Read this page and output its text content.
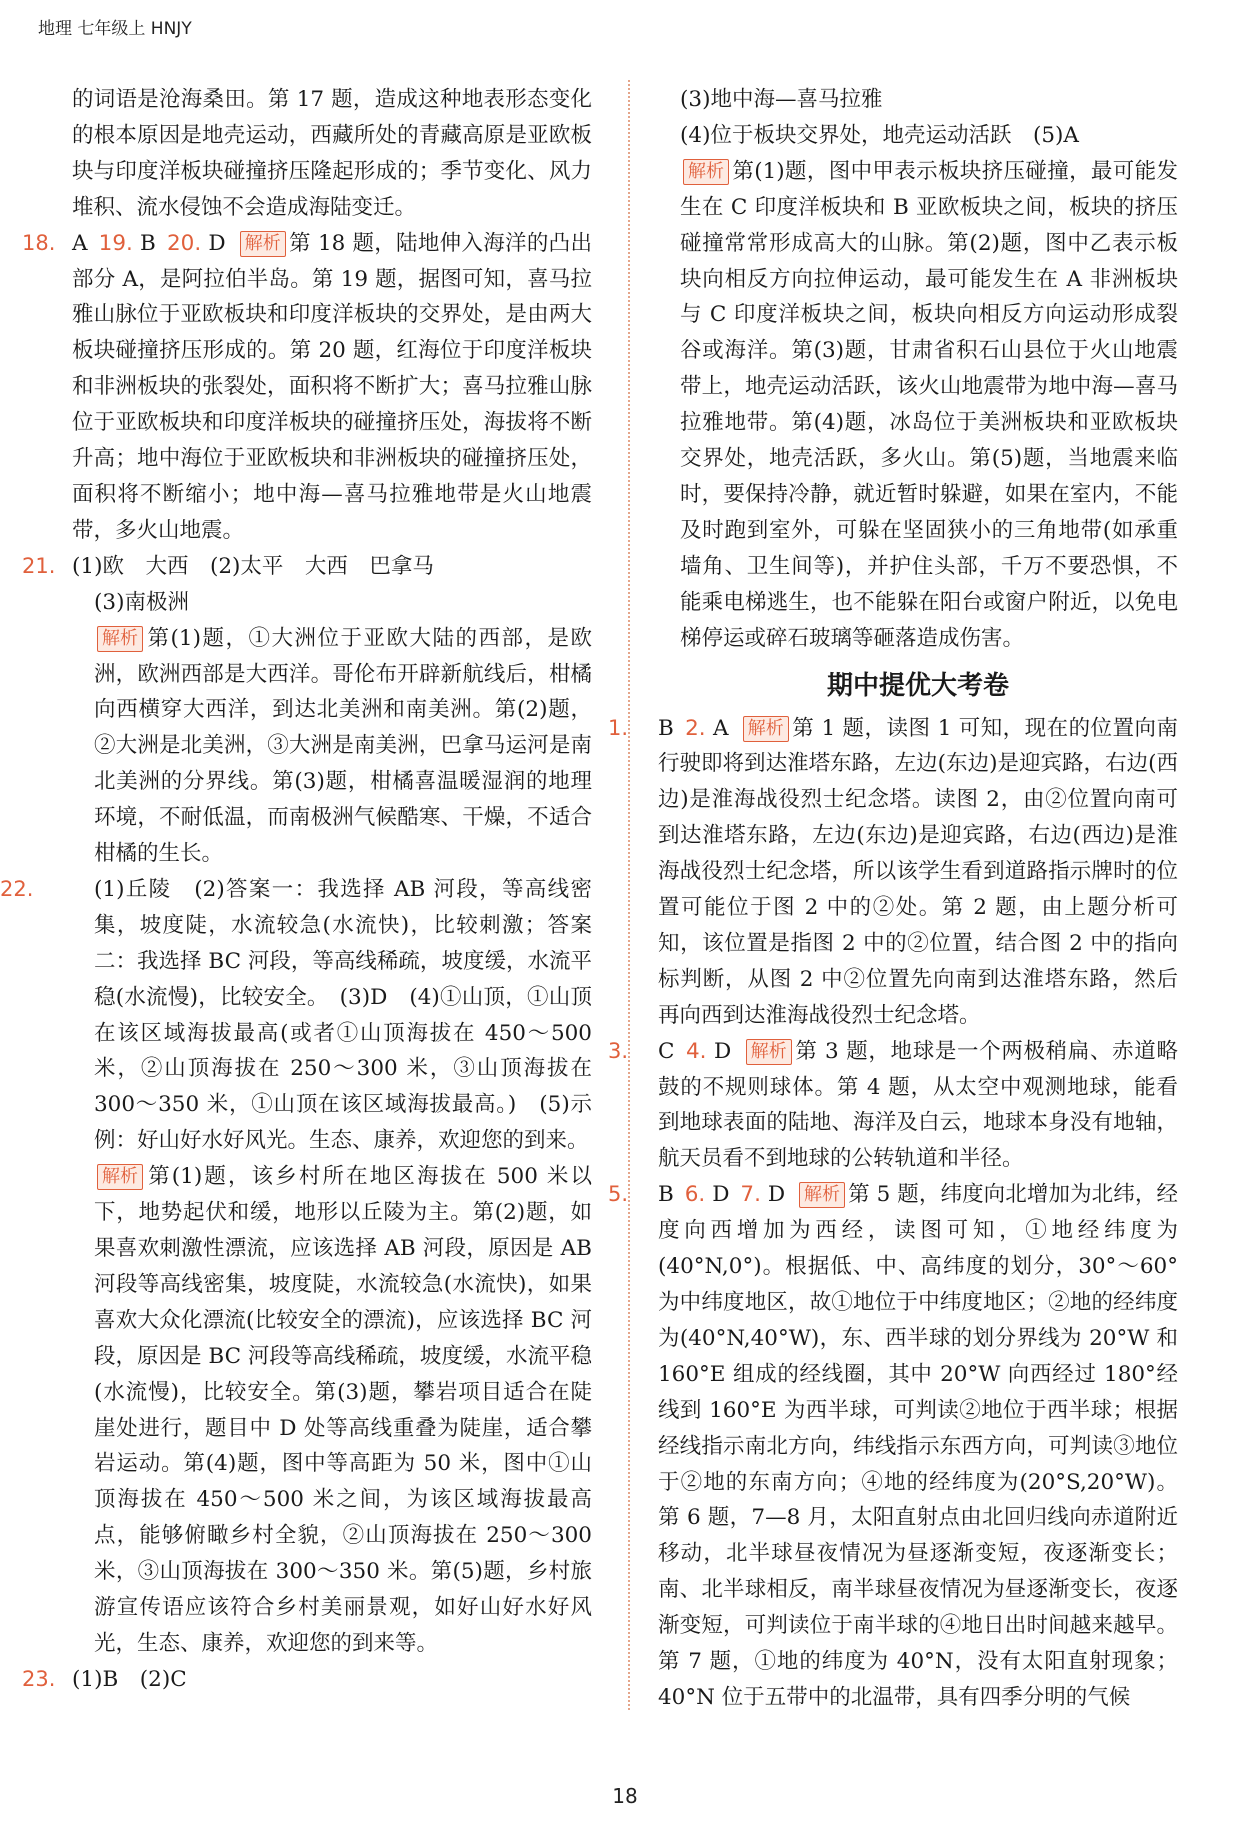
地理 七年级上 HNJY
的词语是沧海桑田。第 17 题，造成这种地表形态变化的根本原因是地壳运动，西藏所处的青藏高原是亚欧板块与印度洋板块碰撞挤压隆起形成的；季节变化、风力堆积、流水侵蚀不会造成海陆变迁。
18. A 19. B 20. D 解析 第 18 题，陆地伸入海洋的凸出部分 A，是阿拉伯半岛。第 19 题，据图可知，喜马拉雅山脉位于亚欧板块和印度洋板块的交界处，是由两大板块碰撞挤压形成的。第 20 题，红海位于印度洋板块和非洲板块的张裂处，面积将不断扩大；喜马拉雅山脉位于亚欧板块和印度洋板块的碰撞挤压处，海拔将不断升高；地中海位于亚欧板块和非洲板块的碰撞挤压处，面积将不断缩小；地中海—喜马拉雅地带是火山地震带，多火山地震。
21. (1)欧　大西　(2)太平　大西　巴拿马
(3)南极洲
解析 第(1)题，①大洲位于亚欧大陆的西部，是欧洲，欧洲西部是大西洋。哥伦布开辟新航线后，柑橘向西横穿大西洋，到达北美洲和南美洲。第(2)题，②大洲是北美洲，③大洲是南美洲，巴拿马运河是南北美洲的分界线。第(3)题，柑橘喜温暖湿润的地理环境，不耐低温，而南极洲气候酷寒、干燥，不适合柑橘的生长。
22.	(1)丘陵　(2)答案一：我选择 AB 河段，等高线密集，坡度陡，水流较急(水流快)，比较刺激；答案二：我选择 BC 河段，等高线稀疏，坡度缓，水流平稳(水流慢)，比较安全。　(3)D　(4)①山顶，①山顶在该区域海拔最高(或者①山顶海拔在 450～500 米，②山顶海拔在 250～300 米，③山顶海拔在 300～350 米，①山顶在该区域海拔最高。)　(5)示例：好山好水好风光。生态、康养，欢迎您的到来。
解析 第(1)题，该乡村所在地区海拔在 500 米以下，地势起伏和缓，地形以丘陵为主。第(2)题，如果喜欢刺激性漂流，应该选择 AB 河段，原因是 AB 河段等高线密集，坡度陡，水流较急(水流快)，如果喜欢大众化漂流(比较安全的漂流)，应该选择 BC 河段，原因是 BC 河段等高线稀疏，坡度缓，水流平稳(水流慢)，比较安全。第(3)题，攀岩项目适合在陡崖处进行，题目中 D 处等高线重叠为陡崖，适合攀岩运动。第(4)题，图中等高距为 50 米，图中①山顶海拔在 450～500 米之间，为该区域海拔最高点，能够俯瞰乡村全貌，②山顶海拔在 250～300 米，③山顶海拔在 300～350 米。第(5)题，乡村旅游宣传语应该符合乡村美丽景观，如好山好水好风光，生态、康养，欢迎您的到来等。
23. (1)B　(2)C
(3)地中海—喜马拉雅
(4)位于板块交界处，地壳运动活跃　(5)A
解析 第(1)题，图中甲表示板块挤压碰撞，最可能发生在 C 印度洋板块和 B 亚欧板块之间，板块的挤压碰撞常常形成高大的山脉。第(2)题，图中乙表示板块向相反方向拉伸运动，最可能发生在 A 非洲板块与 C 印度洋板块之间，板块向相反方向运动形成裂谷或海洋。第(3)题，甘肃省积石山县位于火山地震带上，地壳运动活跃，该火山地震带为地中海—喜马拉雅地带。第(4)题，冰岛位于美洲板块和亚欧板块交界处，地壳活跃，多火山。第(5)题，当地震来临时，要保持冷静，就近暂时躲避，如果在室内，不能及时跑到室外，可躲在坚固狭小的三角地带(如承重墙角、卫生间等)，并护住头部，千万不要恐惧，不能乘电梯逃生，也不能躲在阳台或窗户附近，以免电梯停运或碎石玻璃等砸落造成伤害。
期中提优大考卷
1. B 2. A 解析 第 1 题，读图 1 可知，现在的位置向南行驶即将到达淮塔东路，左边(东边)是迎宾路，右边(西边)是淮海战役烈士纪念塔。读图 2，由②位置向南可到达淮塔东路，左边(东边)是迎宾路，右边(西边)是淮海战役烈士纪念塔，所以该学生看到道路指示牌时的位置可能位于图 2 中的②处。第 2 题，由上题分析可知，该位置是指图 2 中的②位置，结合图 2 中的指向标判断，从图 2 中②位置先向南到达淮塔东路，然后再向西到达淮海战役烈士纪念塔。
3. C 4. D 解析 第 3 题，地球是一个两极稍扁、赤道略鼓的不规则球体。第 4 题，从太空中观测地球，能看到地球表面的陆地、海洋及白云，地球本身没有地轴，航天员看不到地球的公转轨道和半径。
5. B 6. D 7. D 解析 第 5 题，纬度向北增加为北纬，经度向西增加为西经，读图可知，①地经纬度为(40°N,0°)。根据低、中、高纬度的划分，30°～60°为中纬度地区，故①地位于中纬度地区；②地的经纬度为(40°N,40°W)，东、西半球的划分界线为 20°W 和 160°E 组成的经线圈，其中 20°W 向西经过 180°经线到 160°E 为西半球，可判读②地位于西半球；根据经线指示南北方向，纬线指示东西方向，可判读③地位于②地的东南方向；④地的经纬度为(20°S,20°W)。第 6 题，7—8 月，太阳直射点由北回归线向赤道附近移动，北半球昼夜情况为昼逐渐变短，夜逐渐变长；南、北半球相反，南半球昼夜情况为昼逐渐变长，夜逐渐变短，可判读位于南半球的④地日出时间越来越早。第 7 题，①地的纬度为 40°N，没有太阳直射现象；40°N 位于五带中的北温带，具有四季分明的气候
18
